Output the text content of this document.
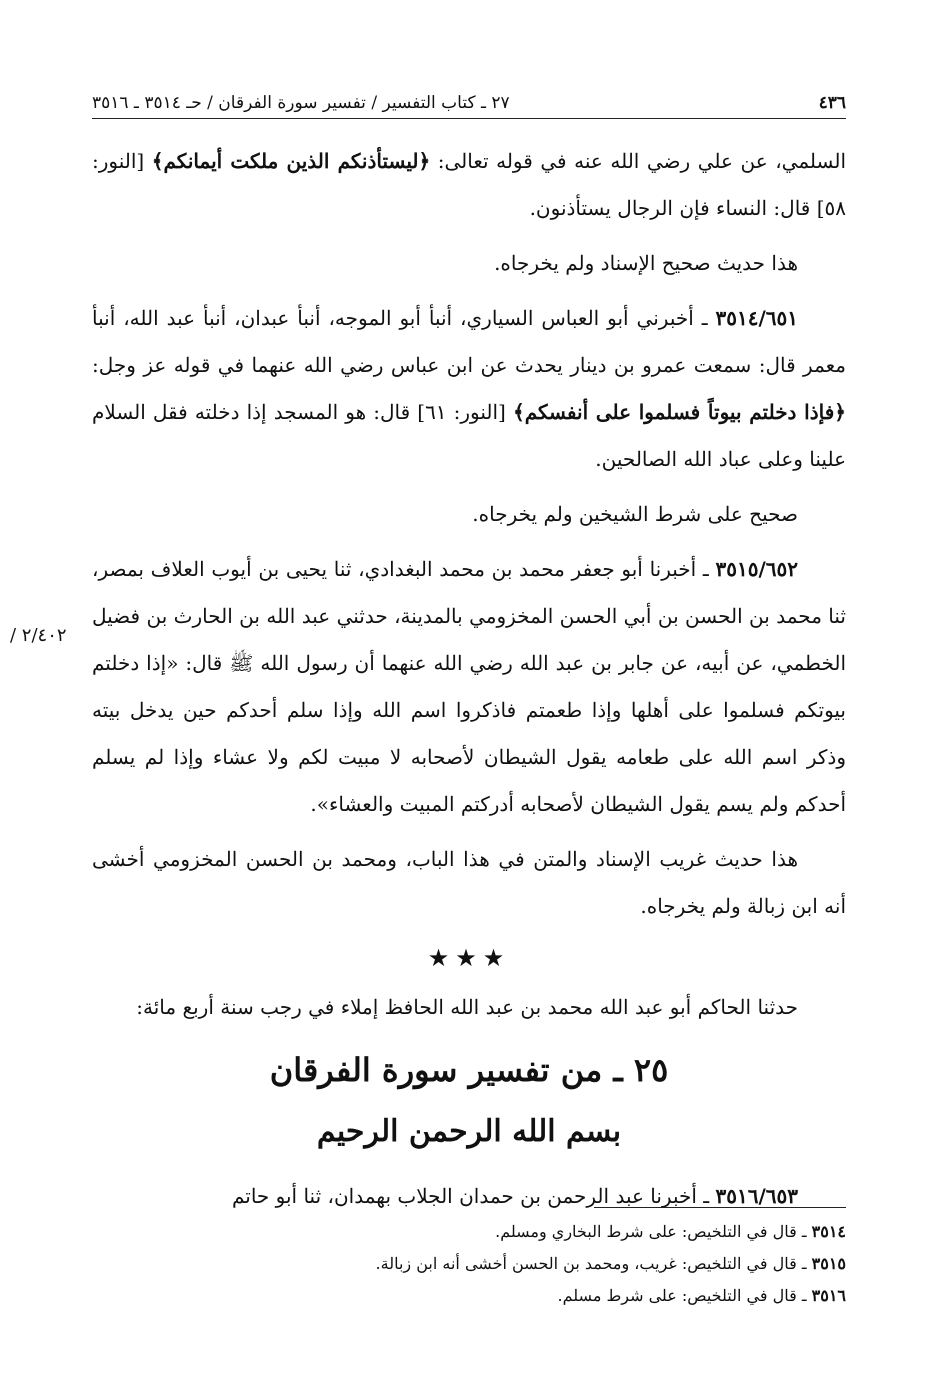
٤٣٦
٢٧ ـ كتاب التفسير / تفسير سورة الفرقان / حـ ٣٥١٤ ـ ٣٥١٦

السلمي، عن علي رضي الله عنه في قوله تعالى: ﴿ليستأذنكم الذين ملكت أيمانكم﴾ [النور: ٥٨] قال: النساء فإن الرجال يستأذنون.

هذا حديث صحيح الإسناد ولم يخرجاه.

٣٥١٤/٦٥١ ـ أخبرني أبو العباس السياري، أنبأ أبو الموجه، أنبأ عبدان، أنبأ عبد الله، أنبأ معمر قال: سمعت عمرو بن دينار يحدث عن ابن عباس رضي الله عنهما في قوله عز وجل: ﴿فإذا دخلتم بيوتاً فسلموا على أنفسكم﴾ [النور: ٦١] قال: هو المسجد إذا دخلته فقل السلام علينا وعلى عباد الله الصالحين.

صحيح على شرط الشيخين ولم يخرجاه.

٣٥١٥/٦٥٢ ـ أخبرنا أبو جعفر محمد بن محمد البغدادي، ثنا يحيى بن أيوب العلاف بمصر، ثنا محمد بن الحسن بن أبي الحسن المخزومي بالمدينة، حدثني عبد الله بن الحارث بن فضيل الخطمي، عن أبيه، عن جابر بن عبد الله رضي الله عنهما أن رسول الله ﷺ قال: «إذا دخلتم بيوتكم فسلموا على أهلها وإذا طعمتم فاذكروا اسم الله وإذا سلم أحدكم حين يدخل بيته وذكر اسم الله على طعامه يقول الشيطان لأصحابه لا مبيت لكم ولا عشاء وإذا لم يسلم أحدكم ولم يسم يقول الشيطان لأصحابه أدركتم المبيت والعشاء».

هذا حديث غريب الإسناد والمتن في هذا الباب، ومحمد بن الحسن المخزومي أخشى أنه ابن زبالة ولم يخرجاه.

★★★

حدثنا الحاكم أبو عبد الله محمد بن عبد الله الحافظ إملاء في رجب سنة أربع مائة:

٢٥ ـ من تفسير سورة الفرقان
بسم الله الرحمن الرحيم

٣٥١٦/٦٥٣ ـ أخبرنا عبد الرحمن بن حمدان الجلاب بهمدان، ثنا أبو حاتم

٢/٤٠٢ /
٣٥١٤ ـ قال في التلخيص: على شرط البخاري ومسلم.
٣٥١٥ ـ قال في التلخيص: غريب، ومحمد بن الحسن أخشى أنه ابن زبالة.
٣٥١٦ ـ قال في التلخيص: على شرط مسلم.
